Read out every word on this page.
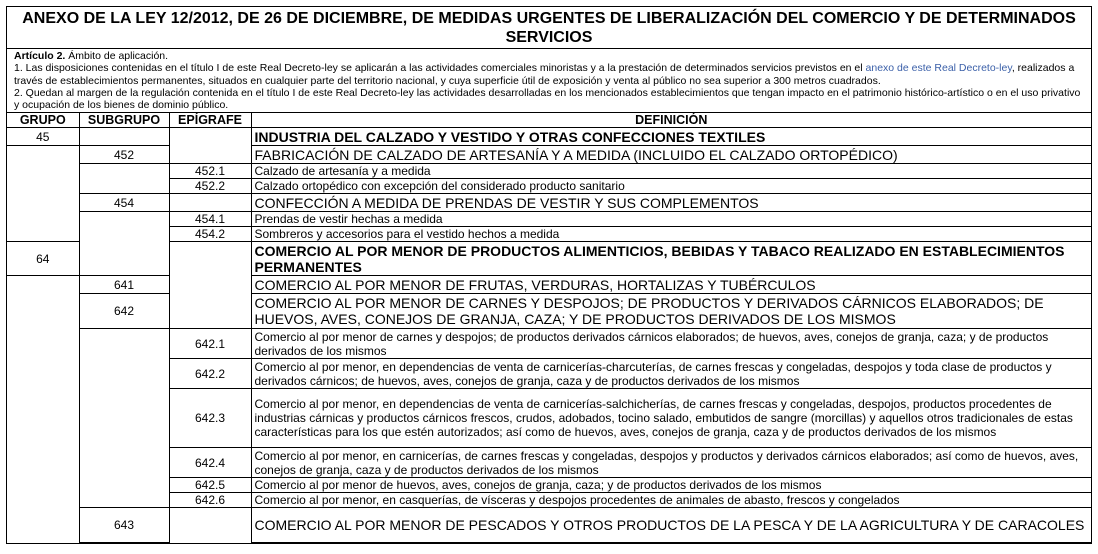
ANEXO DE LA LEY 12/2012, DE 26 DE DICIEMBRE, DE MEDIDAS URGENTES DE LIBERALIZACIÓN DEL COMERCIO Y DE DETERMINADOS SERVICIOS

Artículo 2. Ámbito de aplicación.

1. Las disposiciones contenidas en el título I de este Real Decreto-ley se aplicarán a las actividades comerciales minoristas y a la prestación de determinados servicios previstos en el anexo de este Real Decreto-ley, realizados a través de establecimientos permanentes, situados en cualquier parte del territorio nacional, y cuya superficie útil de exposición y venta al público no sea superior a 300 metros cuadrados.

2. Quedan al margen de la regulación contenida en el título I de este Real Decreto-ley las actividades desarrolladas en los mencionados establecimientos que tengan impacto en el patrimonio histórico-artístico o en el uso privativo y ocupación de los bienes de dominio público.

GRUPO	SUBGRUPO	EPÍGRAFE	DEFINICIÓN
45			INDUSTRIA DEL CALZADO Y VESTIDO Y OTRAS CONFECCIONES TEXTILES
	452		FABRICACIÓN DE CALZADO DE ARTESANÍA Y A MEDIDA (INCLUIDO EL CALZADO ORTOPÉDICO)
		452.1	Calzado de artesanía y a medida
		452.2	Calzado ortopédico con excepción del considerado producto sanitario
	454		CONFECCIÓN A MEDIDA DE PRENDAS DE VESTIR Y SUS COMPLEMENTOS
		454.1	Prendas de vestir hechas a medida
		454.2	Sombreros y accesorios para el vestido hechos a medida
64			COMERCIO AL POR MENOR DE PRODUCTOS ALIMENTICIOS, BEBIDAS Y TABACO REALIZADO EN ESTABLECIMIENTOS PERMANENTES
	641		COMERCIO AL POR MENOR DE FRUTAS, VERDURAS, HORTALIZAS Y TUBÉRCULOS
	642		COMERCIO AL POR MENOR DE CARNES Y DESPOJOS; DE PRODUCTOS Y DERIVADOS CÁRNICOS ELABORADOS; DE HUEVOS, AVES, CONEJOS DE GRANJA, CAZA; Y DE PRODUCTOS DERIVADOS DE LOS MISMOS
		642.1	Comercio al por menor de carnes y despojos; de productos derivados cárnicos elaborados; de huevos, aves, conejos de granja, caza; y de productos derivados de los mismos
		642.2	Comercio al por menor, en dependencias de venta de carnicerías-charcuterías, de carnes frescas y congeladas, despojos y toda clase de productos y derivados cárnicos; de huevos, aves, conejos de granja, caza y de productos derivados de los mismos
		642.3	Comercio al por menor, en dependencias de venta de carnicerías-salchicherías, de carnes frescas y congeladas, despojos, productos procedentes de industrias cárnicas y productos cárnicos frescos, crudos, adobados, tocino salado, embutidos de sangre (morcillas) y aquellos otros tradicionales de estas características para los que estén autorizados; así como de huevos, aves, conejos de granja, caza y de productos derivados de los mismos
		642.4	Comercio al por menor, en carnicerías, de carnes frescas y congeladas, despojos y productos y derivados cárnicos elaborados; así como de huevos, aves, conejos de granja, caza y de productos derivados de los mismos
		642.5	Comercio al por menor de huevos, aves, conejos de granja, caza; y de productos derivados de los mismos
		642.6	Comercio al por menor, en casquerías, de vísceras y despojos procedentes de animales de abasto, frescos y congelados
	643		COMERCIO AL POR MENOR DE PESCADOS Y OTROS PRODUCTOS DE LA PESCA Y DE LA AGRICULTURA Y DE CARACOLES
